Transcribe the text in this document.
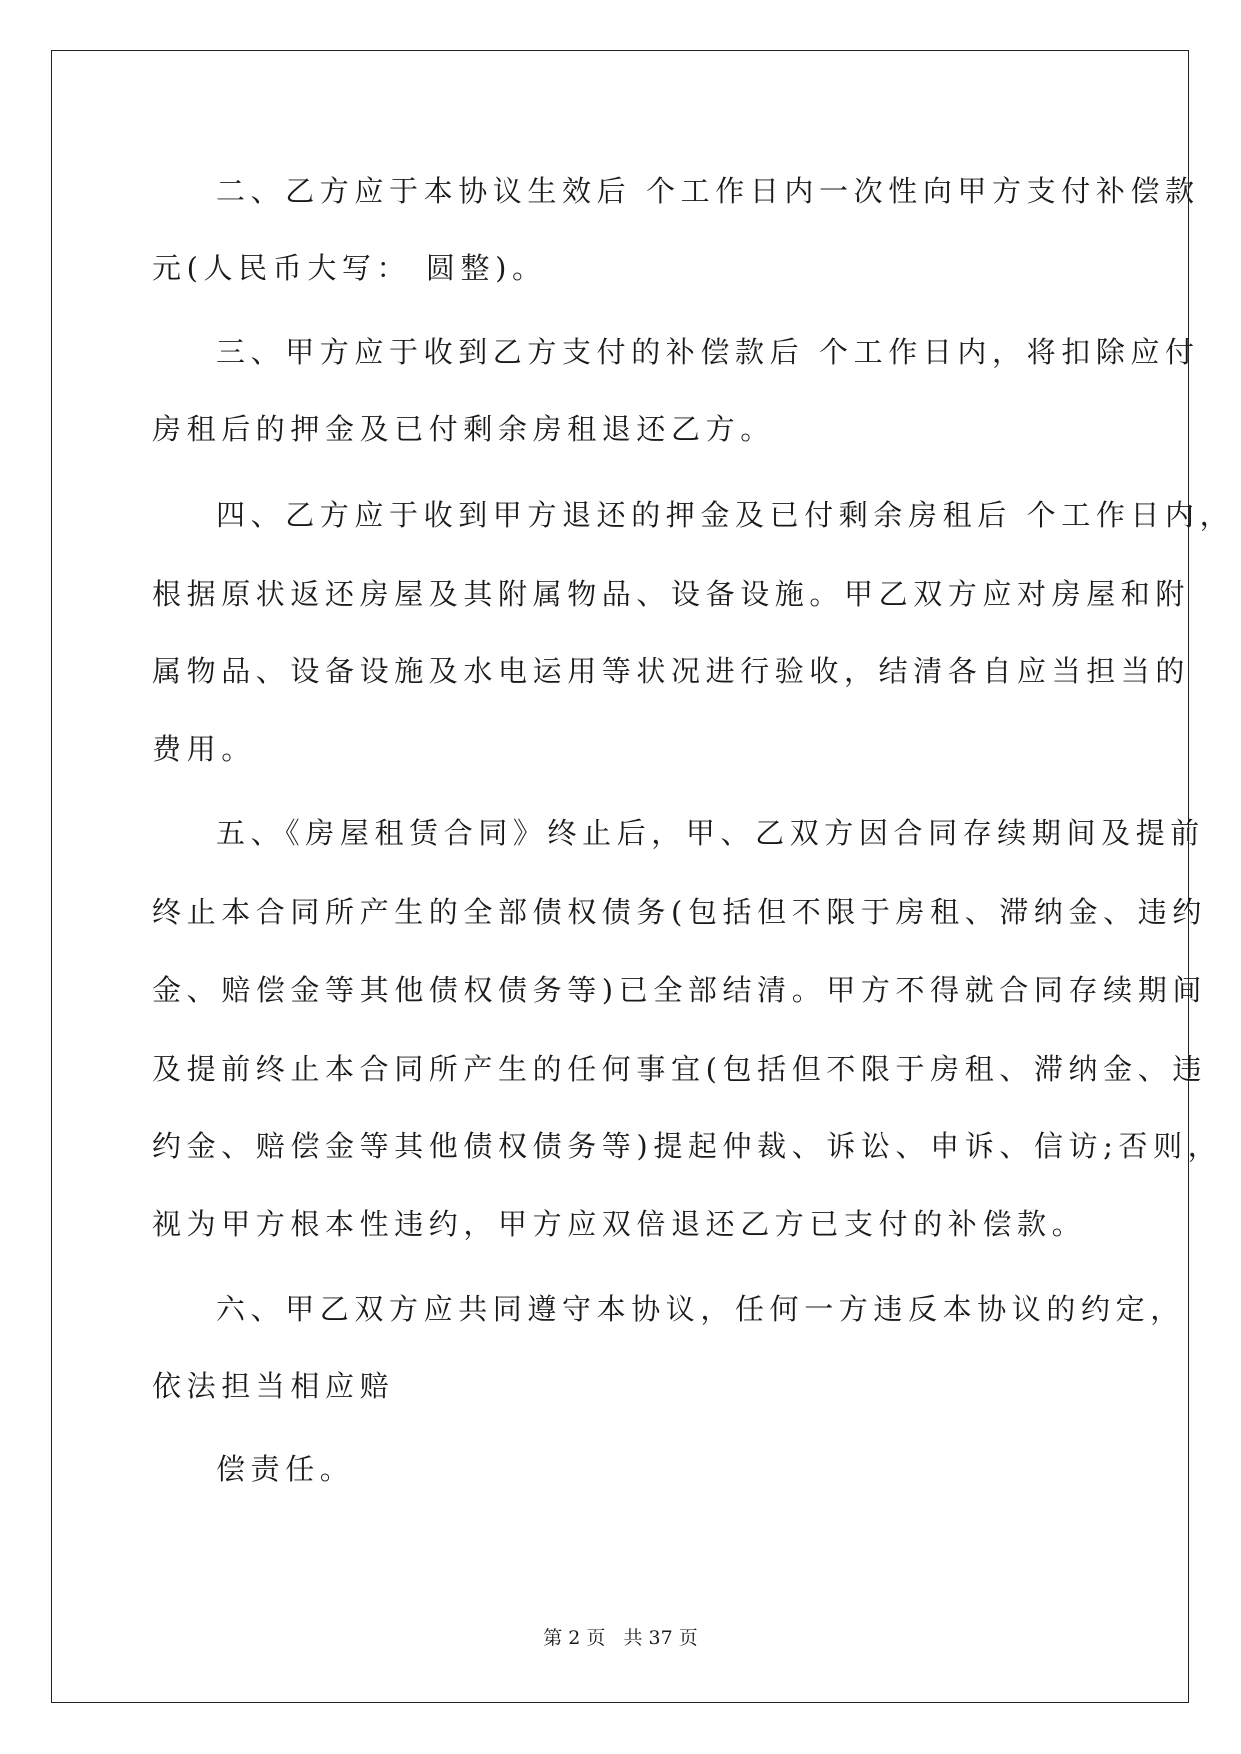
二、乙方应于本协议生效后 个工作日内一次性向甲方支付补偿款
元(人民币大写： 圆整)。
三、甲方应于收到乙方支付的补偿款后 个工作日内，将扣除应付
房租后的押金及已付剩余房租退还乙方。
四、乙方应于收到甲方退还的押金及已付剩余房租后 个工作日内，
根据原状返还房屋及其附属物品、设备设施。甲乙双方应对房屋和附
属物品、设备设施及水电运用等状况进行验收，结清各自应当担当的
费用。
五、《房屋租赁合同》终止后，甲、乙双方因合同存续期间及提前
终止本合同所产生的全部债权债务(包括但不限于房租、滞纳金、违约
金、赔偿金等其他债权债务等)已全部结清。甲方不得就合同存续期间
及提前终止本合同所产生的任何事宜(包括但不限于房租、滞纳金、违
约金、赔偿金等其他债权债务等)提起仲裁、诉讼、申诉、信访;否则，
视为甲方根本性违约，甲方应双倍退还乙方已支付的补偿款。
六、甲乙双方应共同遵守本协议，任何一方违反本协议的约定，
依法担当相应赔
偿责任。
第 2 页   共 37 页
